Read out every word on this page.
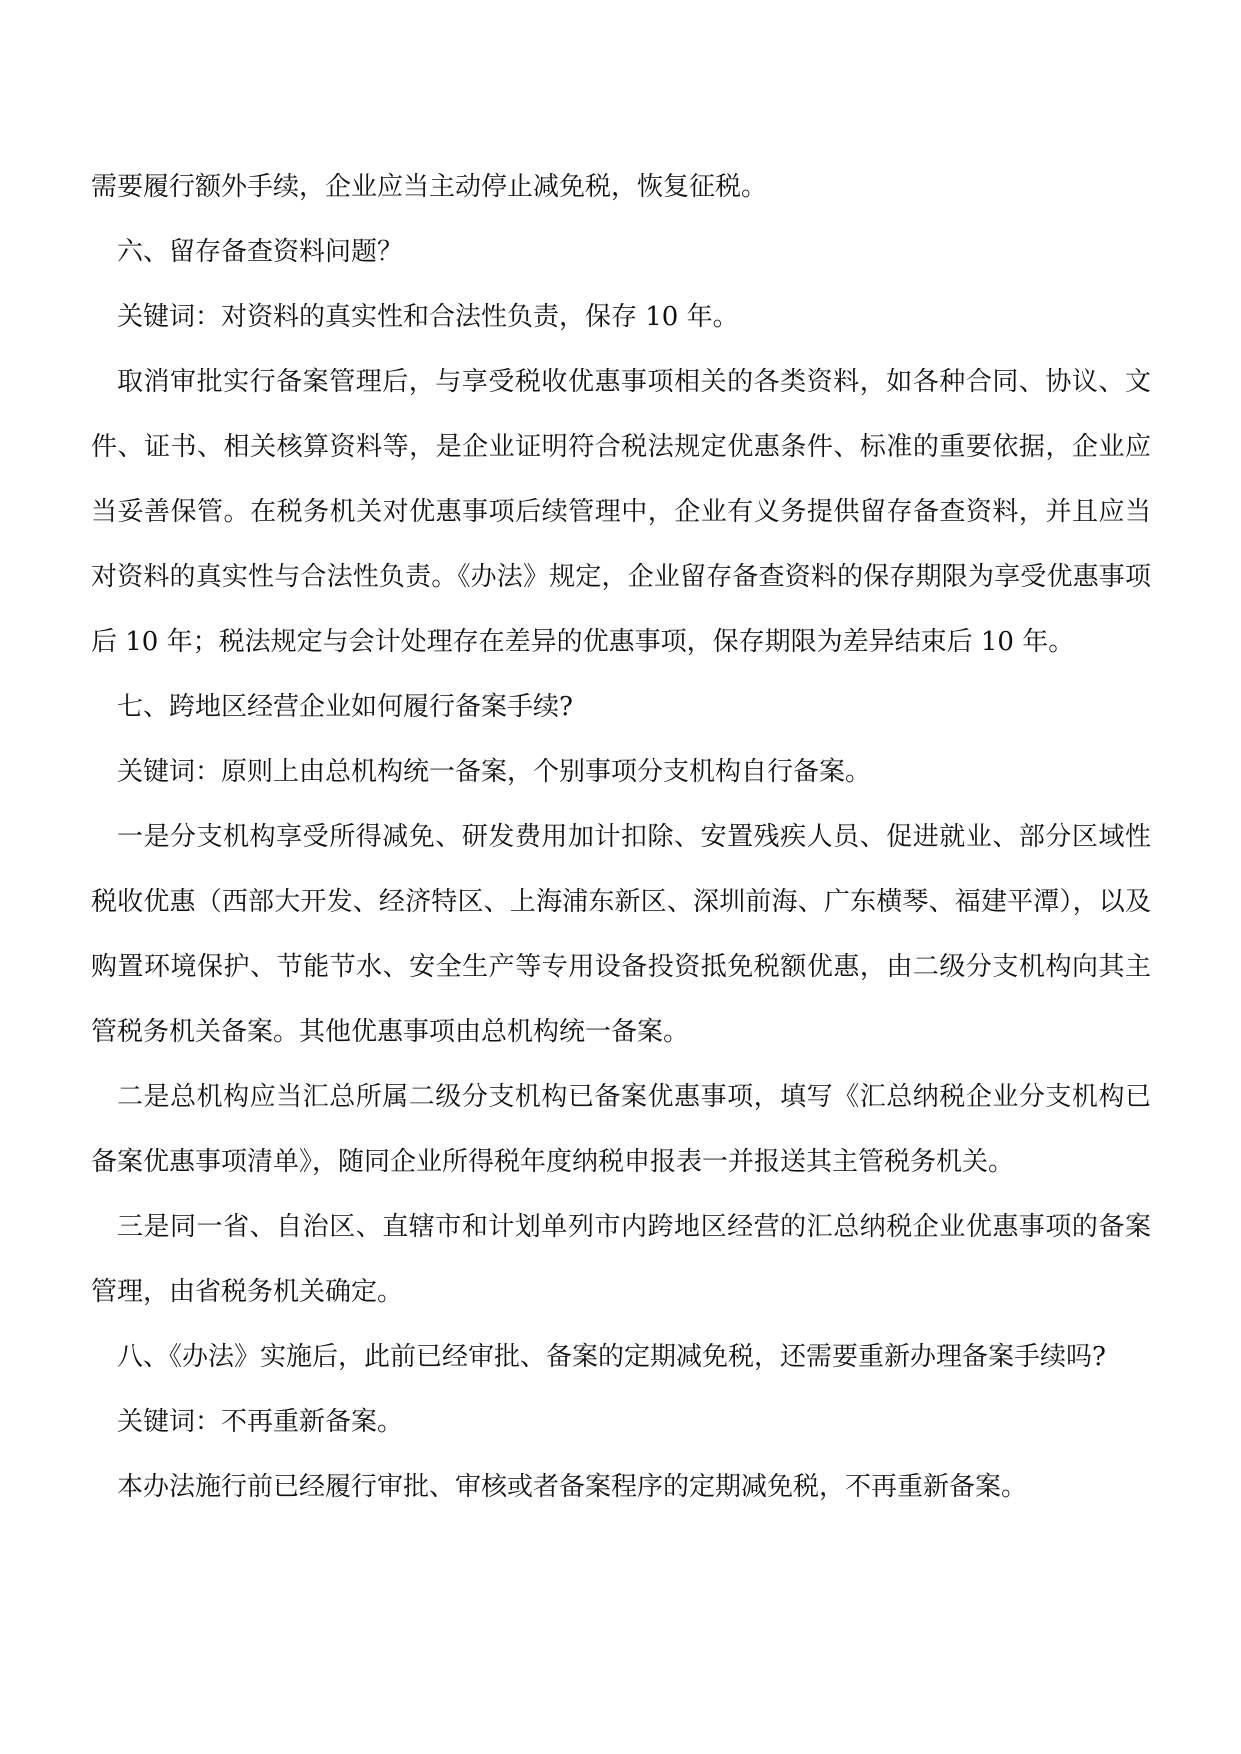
需要履行额外手续，企业应当主动停止减免税，恢复征税。

六、留存备查资料问题？

关键词：对资料的真实性和合法性负责，保存 10 年。

取消审批实行备案管理后，与享受税收优惠事项相关的各类资料，如各种合同、协议、文件、证书、相关核算资料等，是企业证明符合税法规定优惠条件、标准的重要依据，企业应当妥善保管。在税务机关对优惠事项后续管理中，企业有义务提供留存备查资料，并且应当对资料的真实性与合法性负责。《办法》规定，企业留存备查资料的保存期限为享受优惠事项后 10 年；税法规定与会计处理存在差异的优惠事项，保存期限为差异结束后 10 年。

七、跨地区经营企业如何履行备案手续?

关键词：原则上由总机构统一备案，个别事项分支机构自行备案。

一是分支机构享受所得减免、研发费用加计扣除、安置残疾人员、促进就业、部分区域性税收优惠（西部大开发、经济特区、上海浦东新区、深圳前海、广东横琴、福建平潭），以及购置环境保护、节能节水、安全生产等专用设备投资抵免税额优惠，由二级分支机构向其主管税务机关备案。其他优惠事项由总机构统一备案。

二是总机构应当汇总所属二级分支机构已备案优惠事项，填写《汇总纳税企业分支机构已备案优惠事项清单》，随同企业所得税年度纳税申报表一并报送其主管税务机关。

三是同一省、自治区、直辖市和计划单列市内跨地区经营的汇总纳税企业优惠事项的备案管理，由省税务机关确定。

八、《办法》实施后，此前已经审批、备案的定期减免税，还需要重新办理备案手续吗?

关键词：不再重新备案。

本办法施行前已经履行审批、审核或者备案程序的定期减免税，不再重新备案。
